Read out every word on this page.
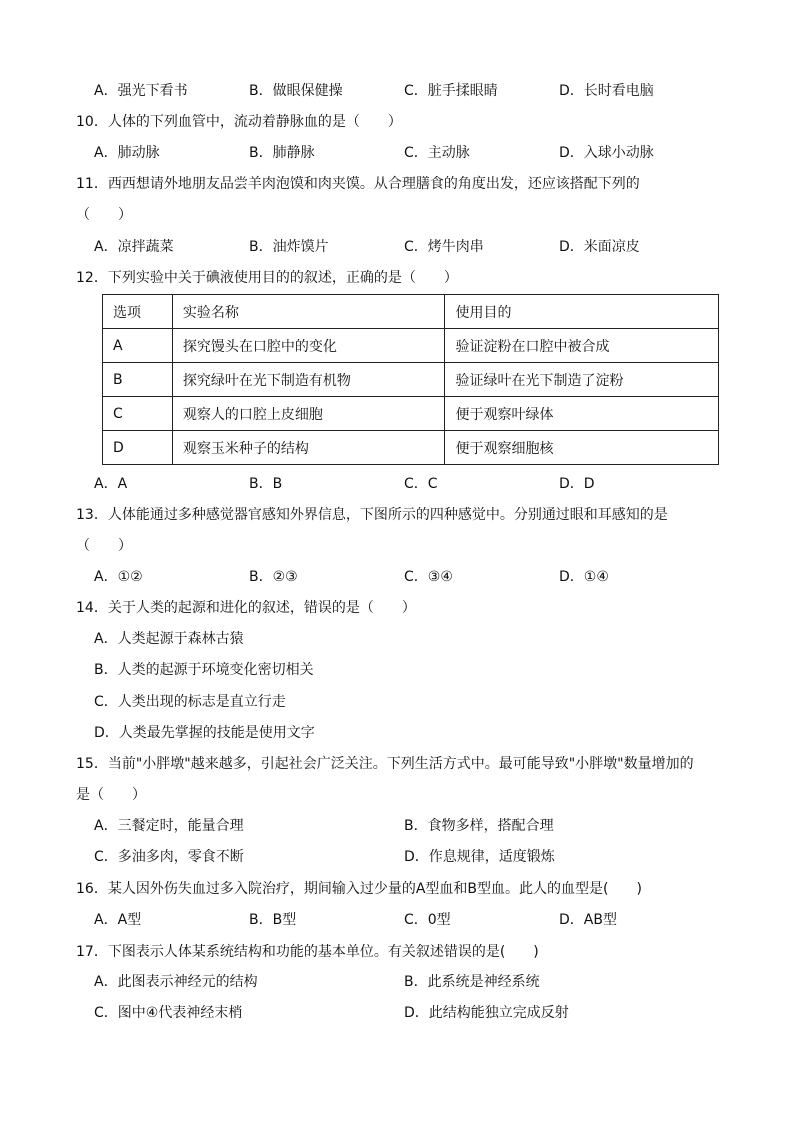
A．强光下看书	B．做眼保健操	C．脏手揉眼睛	D．长时看电脑
10．人体的下列血管中，流动着静脉血的是（　　）
A．肺动脉	B．肺静脉	C．主动脉	D．入球小动脉
11．西西想请外地朋友品尝羊肉泡馍和肉夹馍。从合理膳食的角度出发，还应该搭配下列的
（　　）
A．凉拌蔬菜	B．油炸馍片	C．烤牛肉串	D．米面凉皮
12．下列实验中关于碘液使用目的的叙述，正确的是（　　）
选项	实验名称	使用目的
A	探究馒头在口腔中的变化	验证淀粉在口腔中被合成
B	探究绿叶在光下制造有机物	验证绿叶在光下制造了淀粉
C	观察人的口腔上皮细胞	便于观察叶绿体
D	观察玉米种子的结构	便于观察细胞核
A．A	B．B	C．C	D．D
13．人体能通过多种感觉器官感知外界信息，下图所示的四种感觉中。分别通过眼和耳感知的是
（　　）
A．①②	B．②③	C．③④	D．①④
14．关于人类的起源和进化的叙述，错误的是（　　）
A．人类起源于森林古猿
B．人类的起源于环境变化密切相关
C．人类出现的标志是直立行走
D．人类最先掌握的技能是使用文字
15．当前"小胖墩"越来越多，引起社会广泛关注。下列生活方式中。最可能导致"小胖墩"数量增加的
是（　　）
A．三餐定时，能量合理	B．食物多样，搭配合理
C．多油多肉，零食不断	D．作息规律，适度锻炼
16．某人因外伤失血过多入院治疗，期间输入过少量的A型血和B型血。此人的血型是(　　)
A．A型	B．B型	C．0型	D．AB型
17．下图表示人体某系统结构和功能的基本单位。有关叙述错误的是(　　)
A．此图表示神经元的结构	B．此系统是神经系统
C．图中④代表神经末梢	D．此结构能独立完成反射
